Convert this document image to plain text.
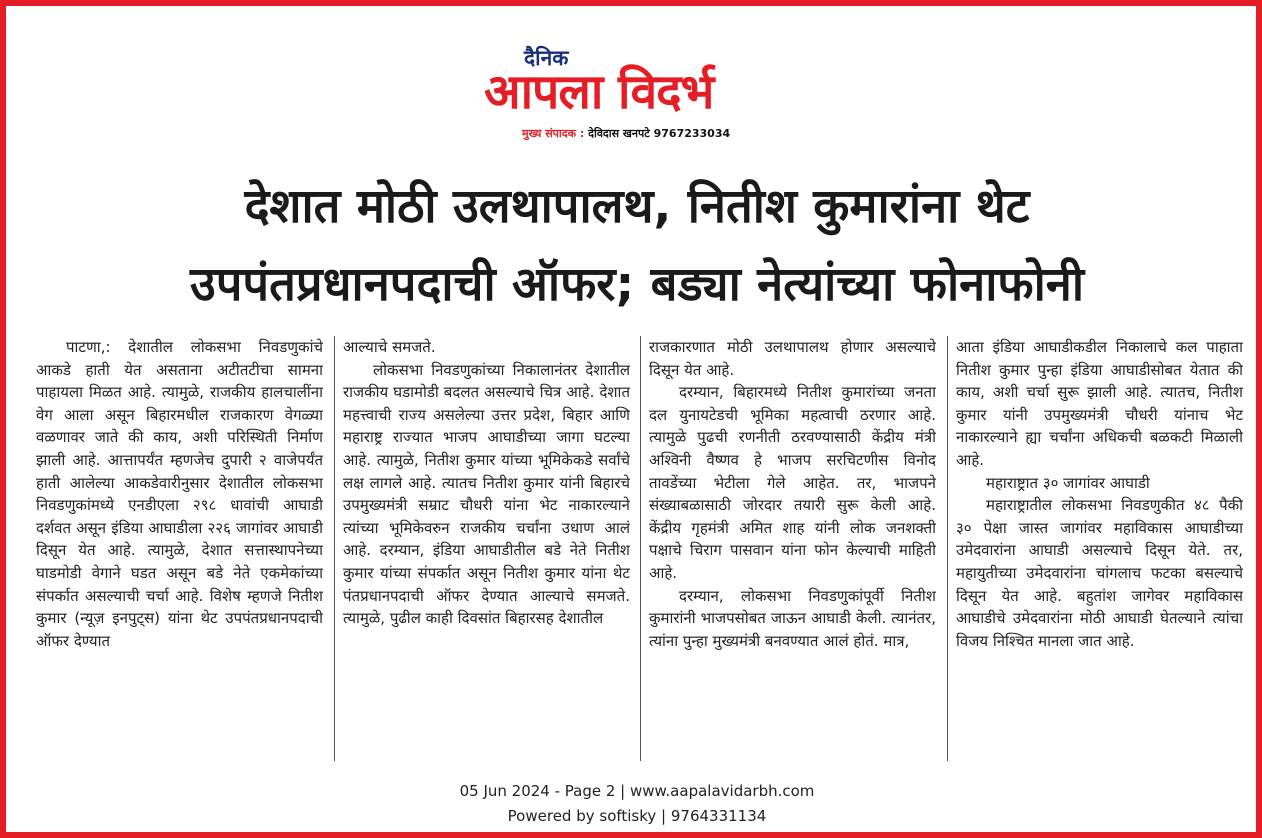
दैनिक
आपला विदर्भ
मुख्य संपादक : देविदास खनपटे 9767233034
देशात मोठी उलथापालथ, नितीश कुमारांना थेट
उपपंतप्रधानपदाची ऑफर; बड्या नेत्यांच्या फोनाफोनी

पाटणा,: देशातील लोकसभा निवडणुकांचे आकडे हाती येत असताना अटीतटीचा सामना पाहायला मिळत आहे. त्यामुळे, राजकीय हालचालींना वेग आला असून बिहारमधील राजकारण वेगळ्या वळणावर जाते की काय, अशी परिस्थिती निर्माण झाली आहे. आत्तापर्यंत म्हणजेच दुपारी २ वाजेपर्यंत हाती आलेल्या आकडेवारीनुसार देशातील लोकसभा निवडणुकांमध्ये एनडीएला २९८ धावांची आघाडी दर्शवत असून इंडिया आघाडीला २२६ जागांवर आघाडी दिसून येत आहे. त्यामुळे, देशात सत्तास्थापनेच्या घाडमोडी वेगाने घडत असून बडे नेते एकमेकांच्या संपर्कात असल्याची चर्चा आहे. विशेष म्हणजे नितीश कुमार (न्‍यूज़ इनपुट्स) यांना थेट उपपंतप्रधानपदाची ऑफर देण्यात

आल्याचे समजते.

लोकसभा निवडणुकांच्या निकालानंतर देशातील राजकीय घडामोडी बदलत असल्याचे चित्र आहे. देशात महत्त्वाची राज्य असलेल्या उत्तर प्रदेश, बिहार आणि महाराष्ट्र राज्यात भाजप आघाडीच्या जागा घटल्या आहे. त्यामुळे, नितीश कुमार यांच्या भूमिकेकडे सर्वांचे लक्ष लागले आहे. त्यातच नितीश कुमार यांनी बिहारचे उपमुख्यमंत्री सम्राट चौधरी यांना भेट नाकारल्याने त्यांच्या भूमिकेवरुन राजकीय चर्चांना उधाण आलं आहे. दरम्यान, इंडिया आघाडीतील बडे नेते नितीश कुमार यांच्या संपर्कात असून नितीश कुमार यांना थेट पंतप्रधानपदाची ऑफर देण्यात आल्याचे समजते. त्यामुळे, पुढील काही दिवसांत बिहारसह देशातील

राजकारणात मोठी उलथापालथ होणार असल्याचे दिसून येत आहे.

दरम्यान, बिहारमध्ये नितीश कुमारांच्या जनता दल युनायटेडची भूमिका महत्वाची ठरणार आहे. त्यामुळे पुढची रणनीती ठरवण्यासाठी केंद्रीय मंत्री अश्विनी वैष्णव हे भाजप सरचिटणीस विनोद तावडेंच्या भेटीला गेले आहेत. तर, भाजपने संख्याबळासाठी जोरदार तयारी सुरू केली आहे. केंद्रीय गृहमंत्री अमित शाह यांनी लोक जनशक्ती पक्षाचे चिराग पासवान यांना फोन केल्याची माहिती आहे.

दरम्यान, लोकसभा निवडणुकांपूर्वी नितीश कुमारांनी भाजपसोबत जाऊन आघाडी केली. त्यानंतर, त्यांना पुन्हा मुख्यमंत्री बनवण्यात आलं होतं. मात्र,

आता इंडिया आघाडीकडील निकालाचे कल पाहाता नितीश कुमार पुन्हा इंडिया आघाडीसोबत येतात की काय, अशी चर्चा सुरू झाली आहे. त्यातच, नितीश कुमार यांनी उपमुख्यमंत्री चौधरी यांनाच भेट नाकारल्याने ह्या चर्चांना अधिकची बळकटी मिळाली आहे.

महाराष्ट्रात ३० जागांवर आघाडी

महाराष्ट्रातील लोकसभा निवडणुकीत ४८ पैकी ३० पेक्षा जास्त जागांवर महाविकास आघाडीच्या उमेदवारांना आघाडी असल्याचे दिसून येते. तर, महायुतीच्या उमेदवारांना चांगलाच फटका बसल्याचे दिसून येत आहे. बहुतांश जागेवर महाविकास आघाडीचे उमेदवारांना मोठी आघाडी घेतल्याने त्यांचा विजय निश्चित मानला जात आहे.

05 Jun 2024 - Page 2 | www.aapalavidarbh.com
Powered by softisky | 9764331134
